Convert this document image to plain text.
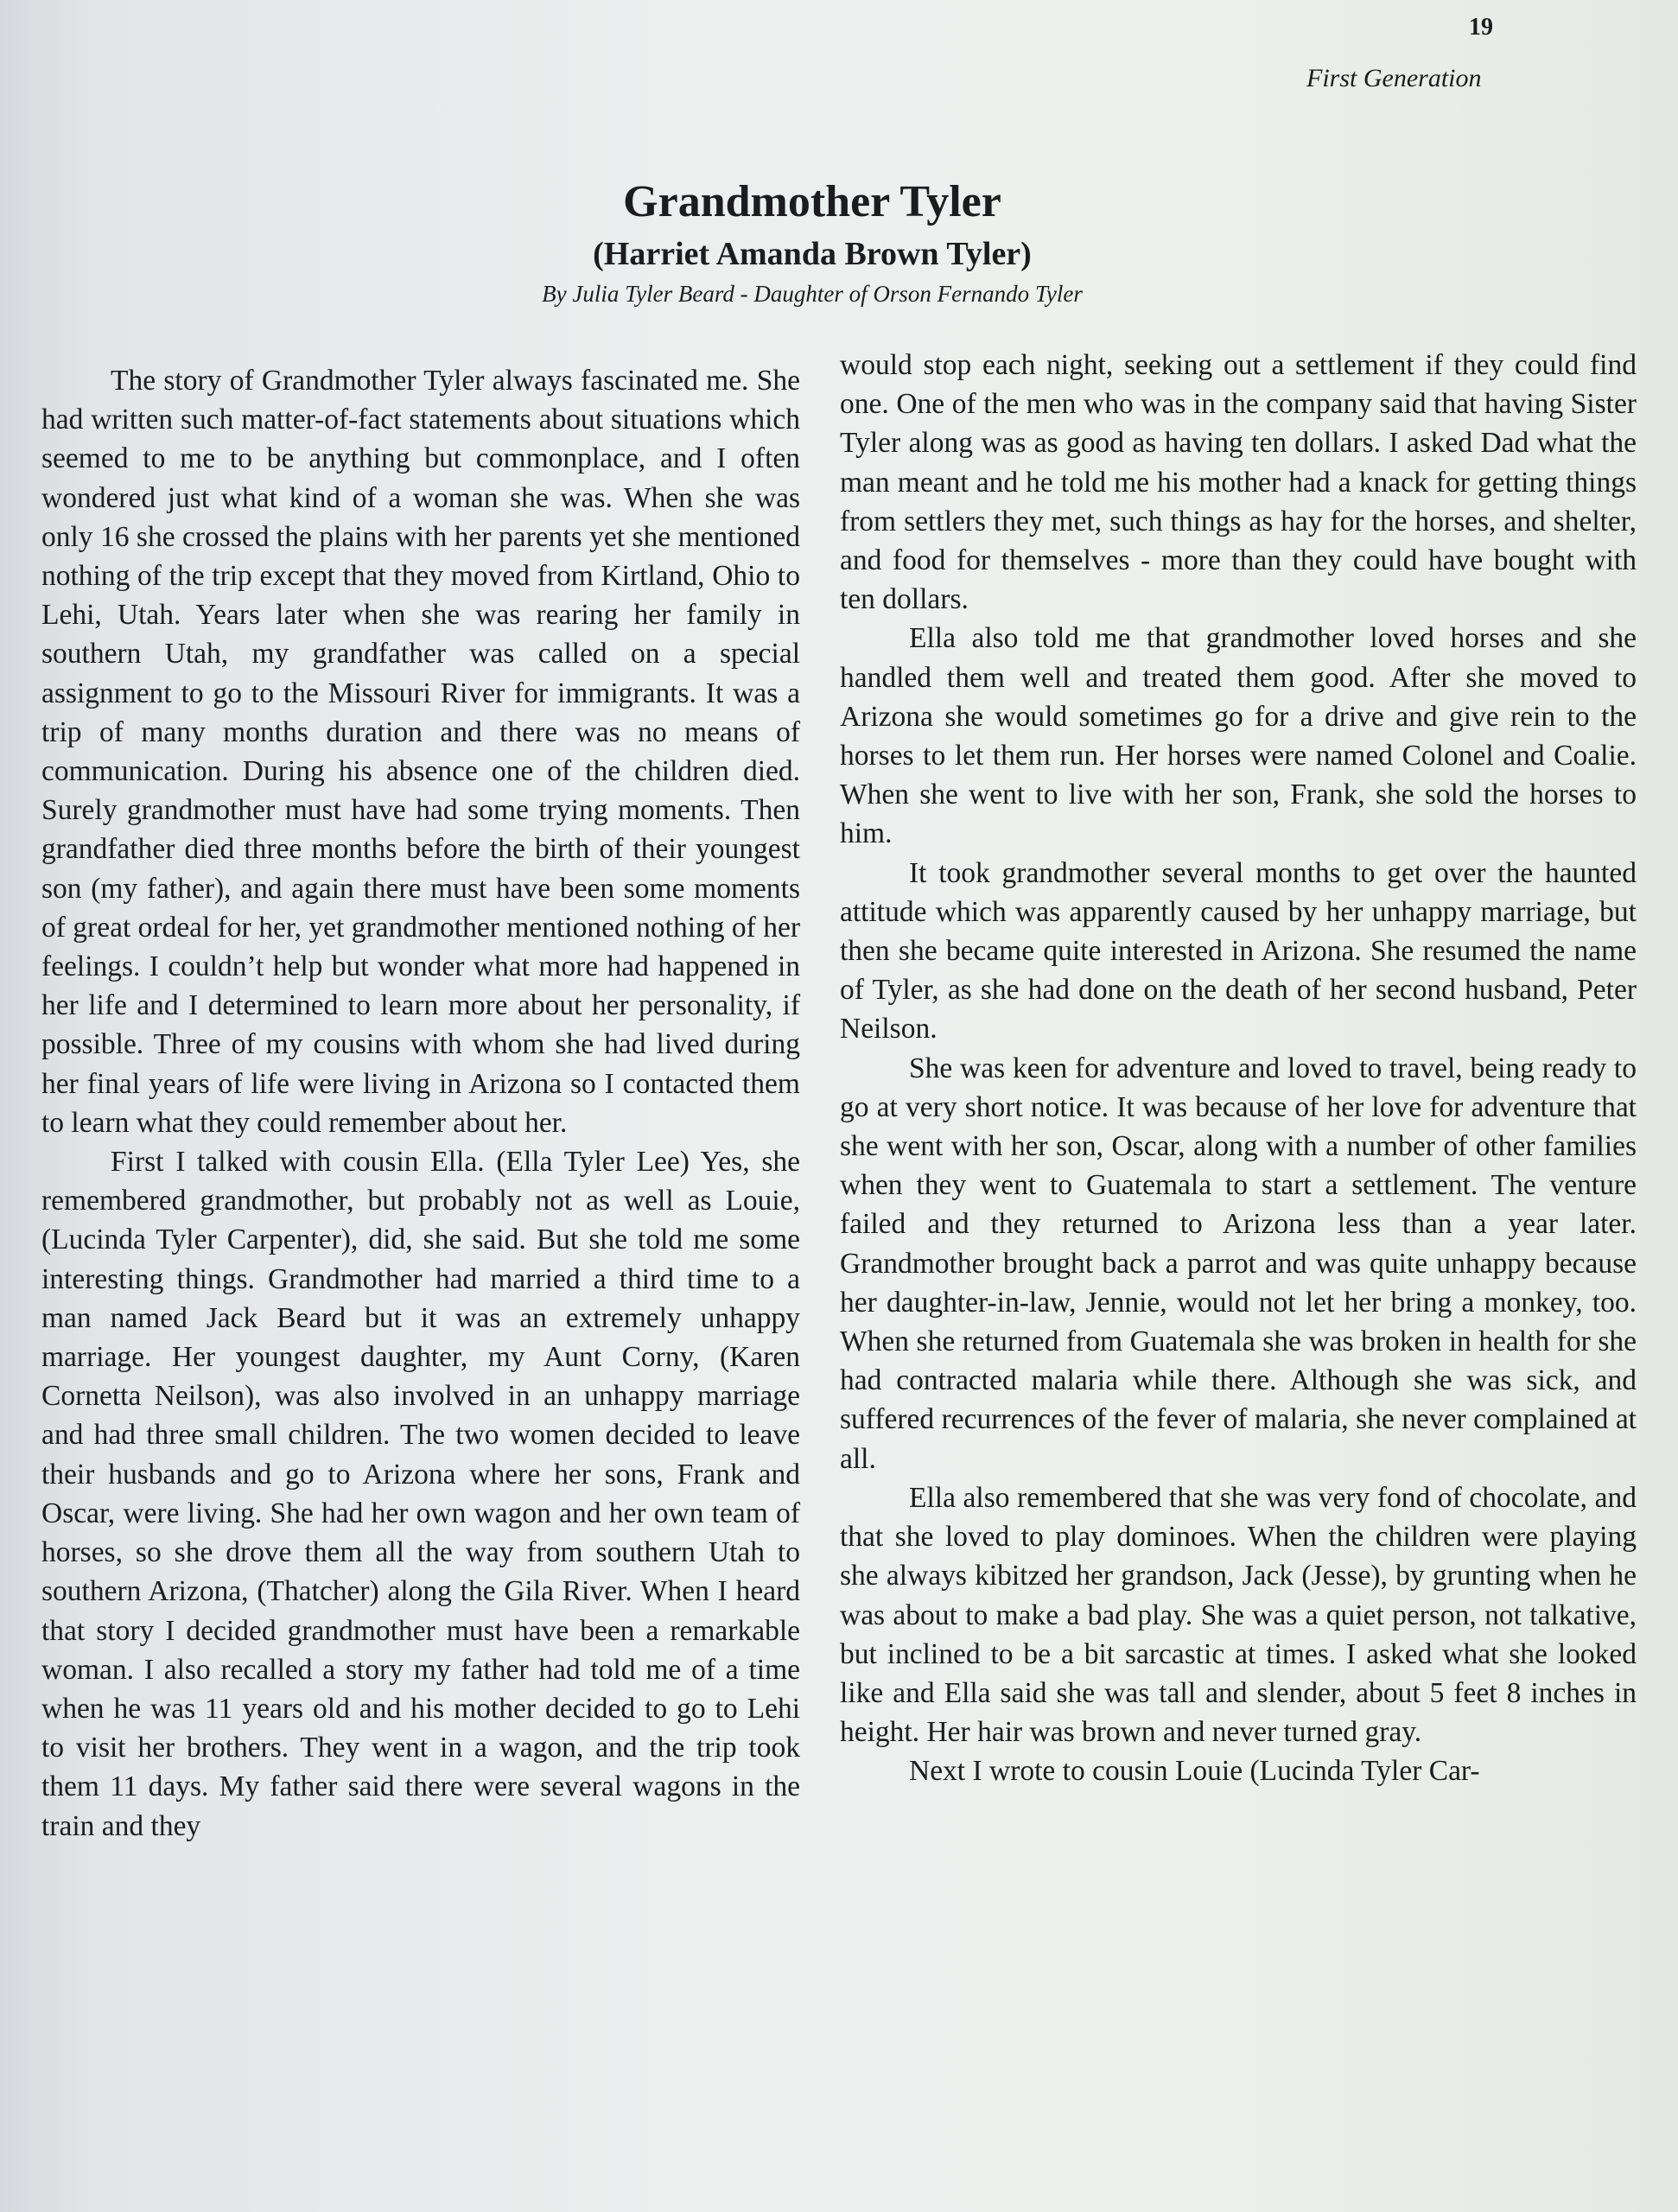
19
First Generation
Grandmother Tyler
(Harriet Amanda Brown Tyler)

By Julia Tyler Beard - Daughter of Orson Fernando Tyler

The story of Grandmother Tyler always fascinated me. She had written such matter-of-fact statements about situations which seemed to me to be anything but commonplace, and I often wondered just what kind of a woman she was. When she was only 16 she crossed the plains with her parents yet she mentioned nothing of the trip except that they moved from Kirtland, Ohio to Lehi, Utah. Years later when she was rearing her family in southern Utah, my grandfather was called on a special assignment to go to the Missouri River for immigrants. It was a trip of many months duration and there was no means of communication. During his absence one of the children died. Surely grandmother must have had some trying moments. Then grandfather died three months before the birth of their youngest son (my father), and again there must have been some moments of great ordeal for her, yet grandmother mentioned nothing of her feelings. I couldn’t help but wonder what more had happened in her life and I determined to learn more about her personality, if possible. Three of my cousins with whom she had lived during her final years of life were living in Arizona so I contacted them to learn what they could remember about her.

First I talked with cousin Ella. (Ella Tyler Lee) Yes, she remembered grandmother, but probably not as well as Louie, (Lucinda Tyler Carpenter), did, she said. But she told me some interesting things. Grandmother had married a third time to a man named Jack Beard but it was an extremely unhappy marriage. Her youngest daughter, my Aunt Corny, (Karen Cornetta Neilson), was also involved in an unhappy marriage and had three small children. The two women decided to leave their husbands and go to Arizona where her sons, Frank and Oscar, were living. She had her own wagon and her own team of horses, so she drove them all the way from southern Utah to southern Arizona, (Thatcher) along the Gila River. When I heard that story I decided grandmother must have been a remarkable woman. I also recalled a story my father had told me of a time when he was 11 years old and his mother decided to go to Lehi to visit her brothers. They went in a wagon, and the trip took them 11 days. My father said there were several wagons in the train and they

would stop each night, seeking out a settlement if they could find one. One of the men who was in the company said that having Sister Tyler along was as good as having ten dollars. I asked Dad what the man meant and he told me his mother had a knack for getting things from settlers they met, such things as hay for the horses, and shelter, and food for themselves - more than they could have bought with ten dollars.

Ella also told me that grandmother loved horses and she handled them well and treated them good. After she moved to Arizona she would sometimes go for a drive and give rein to the horses to let them run. Her horses were named Colonel and Coalie. When she went to live with her son, Frank, she sold the horses to him.

It took grandmother several months to get over the haunted attitude which was apparently caused by her unhappy marriage, but then she became quite interested in Arizona. She resumed the name of Tyler, as she had done on the death of her second husband, Peter Neilson.

She was keen for adventure and loved to travel, being ready to go at very short notice. It was because of her love for adventure that she went with her son, Oscar, along with a number of other families when they went to Guatemala to start a settlement. The venture failed and they returned to Arizona less than a year later. Grandmother brought back a parrot and was quite unhappy because her daughter-in-law, Jennie, would not let her bring a monkey, too. When she returned from Guatemala she was broken in health for she had contracted malaria while there. Although she was sick, and suffered recurrences of the fever of malaria, she never complained at all.

Ella also remembered that she was very fond of chocolate, and that she loved to play dominoes. When the children were playing she always kibitzed her grandson, Jack (Jesse), by grunting when he was about to make a bad play. She was a quiet person, not talkative, but inclined to be a bit sarcastic at times. I asked what she looked like and Ella said she was tall and slender, about 5 feet 8 inches in height. Her hair was brown and never turned gray.

Next I wrote to cousin Louie (Lucinda Tyler Car-
